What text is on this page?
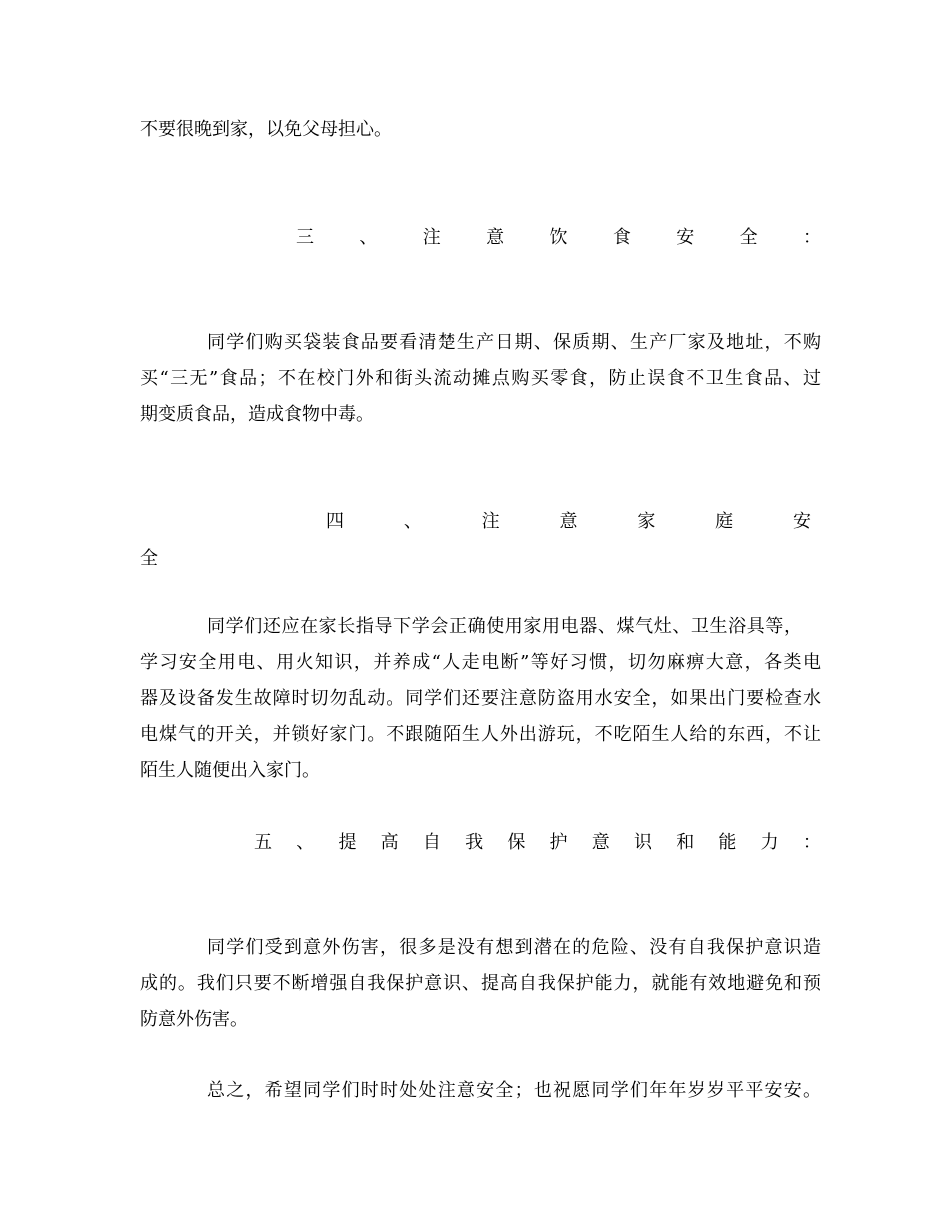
不要很晚到家，以免父母担心。
三	、	注	意	饮	食	安	全	：
同学们购买袋装食品要看清楚生产日期、保质期、生产厂家及地址，不购
买“三无”食品；不在校门外和街头流动摊点购买零食，防止误食不卫生食品、过
期变质食品，造成食物中毒。
四	、	注	意	家	庭	安
全
同学们还应在家长指导下学会正确使用家用电器、煤气灶、卫生浴具等，
学习安全用电、用火知识，并养成“人走电断”等好习惯，切勿麻痹大意，各类电
器及设备发生故障时切勿乱动。同学们还要注意防盗用水安全，如果出门要检查水
电煤气的开关，并锁好家门。不跟随陌生人外出游玩，不吃陌生人给的东西，不让
陌生人随便出入家门。
五 、 提 高 自 我 保 护 意 识 和 能 力 ：
同学们受到意外伤害，很多是没有想到潜在的危险、没有自我保护意识造
成的。我们只要不断增强自我保护意识、提高自我保护能力，就能有效地避免和预
防意外伤害。
总之，希望同学们时时处处注意安全；也祝愿同学们年年岁岁平平安安。
